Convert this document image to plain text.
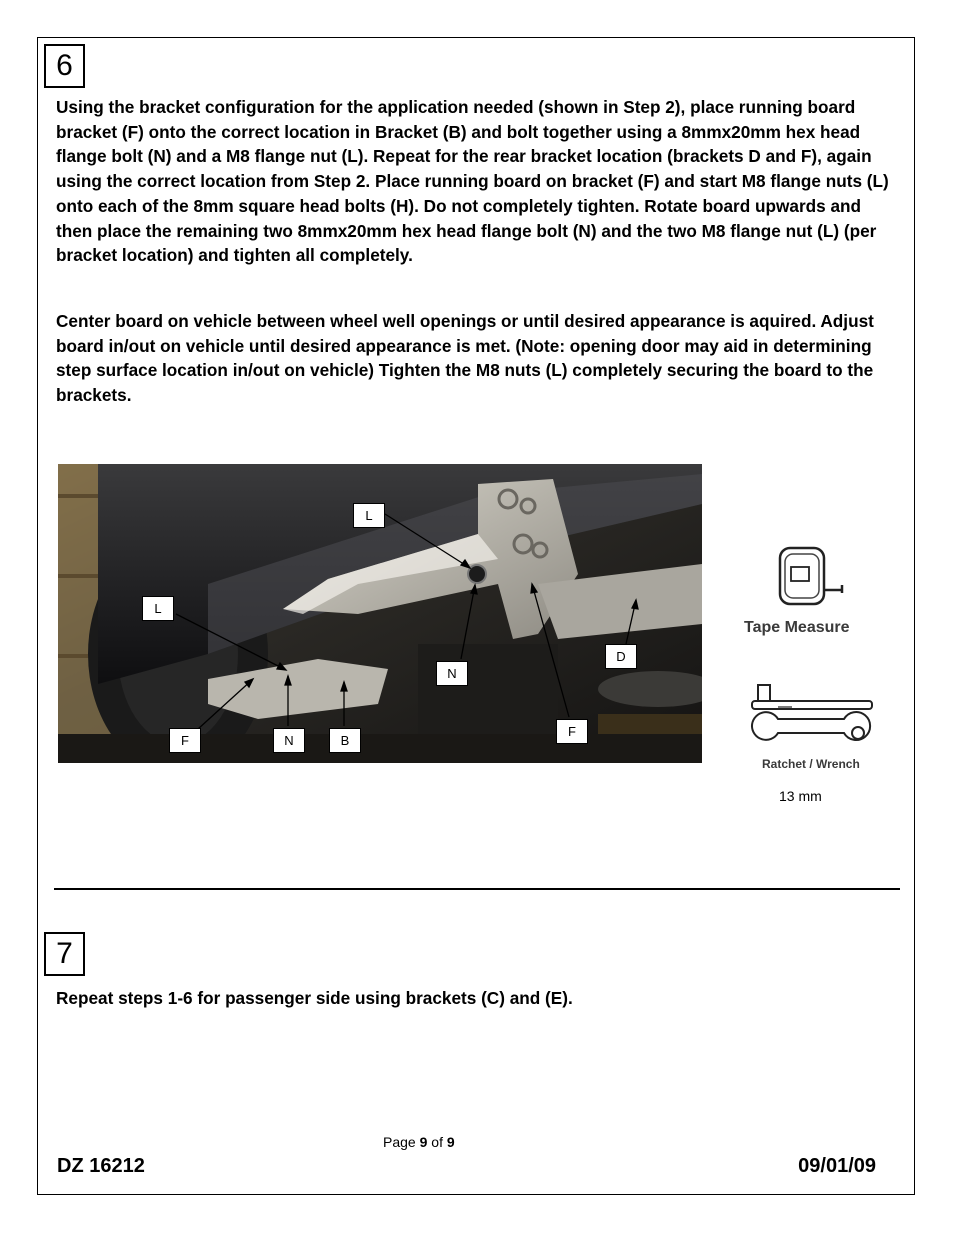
6

Using the bracket configuration for the application needed (shown in Step 2), place running board bracket (F) onto the correct location in Bracket (B) and bolt together using a 8mmx20mm hex head flange bolt (N) and a M8 flange nut (L). Repeat for the rear bracket location (brackets D and F), again using the correct location from Step 2. Place running board on bracket (F) and start M8 flange nuts (L) onto each of the 8mm square head bolts (H). Do not completely tighten. Rotate board upwards and then place the remaining two 8mmx20mm hex head flange bolt (N) and the two M8 flange nut (L) (per bracket location) and tighten all completely.

Center board on vehicle between wheel well openings or until desired appearance is aquired. Adjust board in/out on vehicle until desired appearance is met. (Note: opening door may aid in determining step surface location in/out on vehicle) Tighten the M8 nuts (L) completely securing the board to the brackets.

L
L
N
D
F
F	N	B
Tape Measure
Ratchet / Wrench
13 mm
7

Repeat steps 1-6 for passenger side using brackets (C) and (E).

Page 9 of 9
DZ 16212	09/01/09
